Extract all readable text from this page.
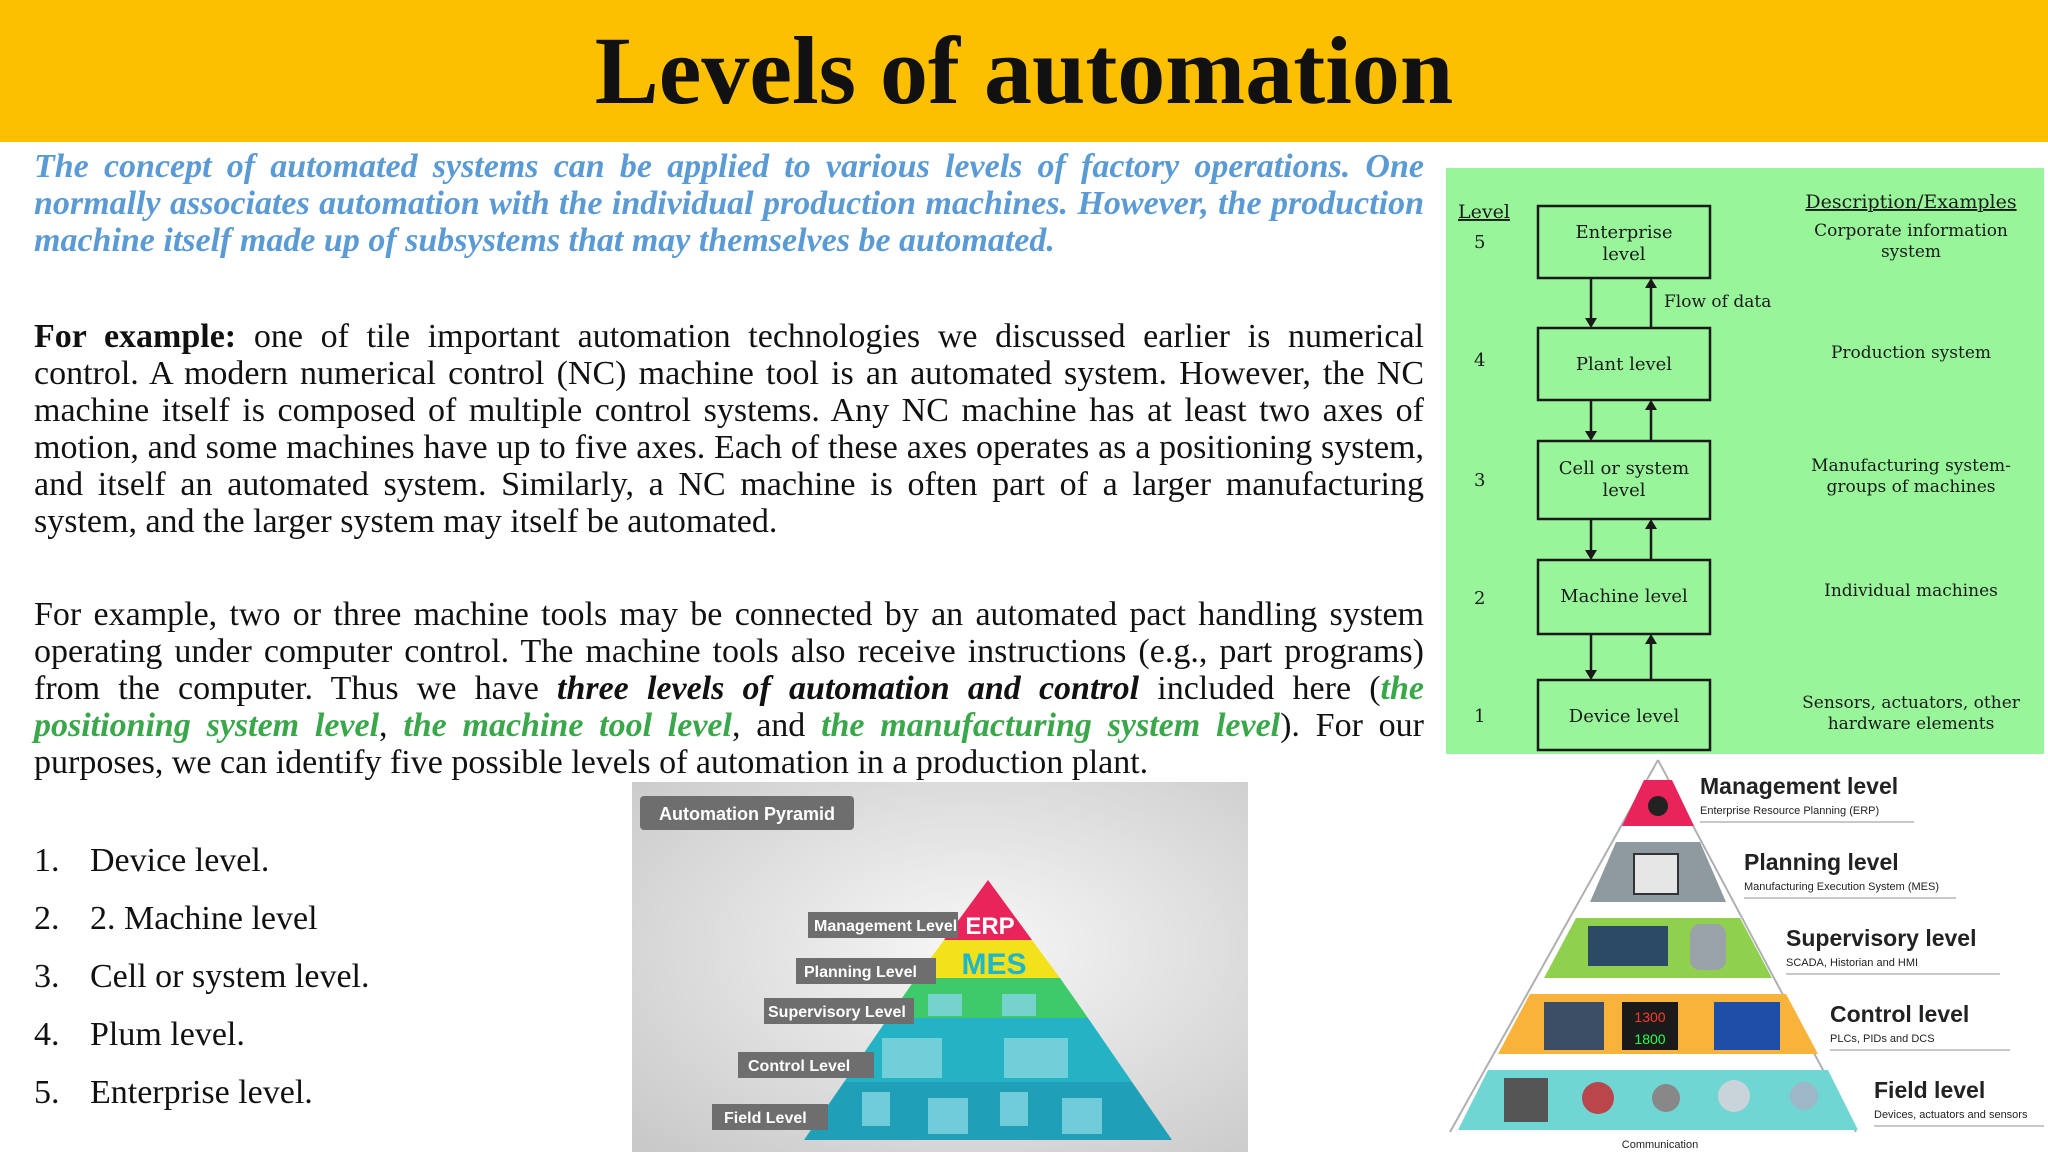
Levels of automation

The concept of automated systems can be applied to various levels of factory operations. One normally associates automation with the individual production machines. However, the production machine itself made up of subsystems that may themselves be automated.

For example: one of tile important automation technologies we discussed earlier is numerical control. A modern numerical control (NC) machine tool is an automated system. However, the NC machine itself is composed of multiple control systems. Any NC machine has at least two axes of motion, and some machines have up to five axes. Each of these axes operates as a positioning system, and itself an automated system. Similarly, a NC machine is often part of a larger manufacturing system, and the larger system may itself be automated.

For example, two or three machine tools may be connected by an automated pact handling system operating under computer control. The machine tools also receive instructions (e.g., part programs) from the computer. Thus we have three levels of automation and control included here (the positioning system level, the machine tool level, and the manufacturing system level). For our purposes, we can identify five possible levels of automation in a production plant.

1. Device level.
2. 2. Machine level
3. Cell or system level.
4. Plum level.
5. Enterprise level.
Level	Description/Examples
Flow of data
5
4
3
2
1
Enterprise level
Plant level
Cell or system level
Machine level
Device level
Corporate information system
Production system
Manufacturing system-groups of machines
Individual machines
Sensors, actuators, other hardware elements
Automation Pyramid
ERP
MES
Management Level
Planning Level
Supervisory Level
Control Level
Field Level
1300
1800
Management level
Enterprise Resource Planning (ERP)
Planning level
Manufacturing Execution System (MES)
Supervisory level
SCADA, Historian and HMI
Control level
PLCs, PIDs and DCS
Field level
Devices, actuators and sensors
Communication
